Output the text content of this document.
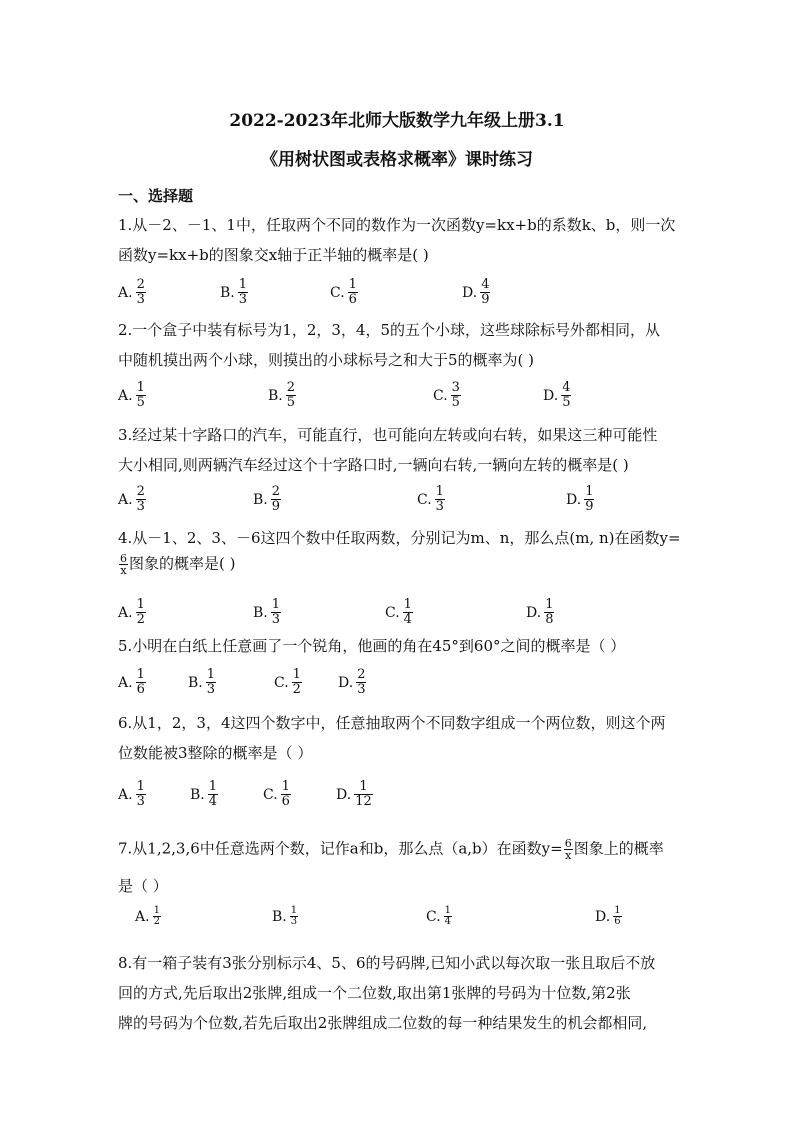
2022-2023年北师大版数学九年级上册3.1
《用树状图或表格求概率》课时练习
一、选择题
1.从－2、－1、1中，任取两个不同的数作为一次函数y=kx+b的系数k、b，则一次
函数y=kx+b的图象交x轴于正半轴的概率是( )
A. $\frac{2}{3}$	B. $\frac{1}{3}$	C. $\frac{1}{6}$	D. $\frac{4}{9}$
2.一个盒子中装有标号为1，2，3，4，5的五个小球，这些球除标号外都相同，从
中随机摸出两个小球，则摸出的小球标号之和大于5的概率为( )
A. $\frac{1}{5}$	B. $\frac{2}{5}$	C. $\frac{3}{5}$	D. $\frac{4}{5}$
3.经过某十字路口的汽车，可能直行，也可能向左转或向右转，如果这三种可能性
大小相同,则两辆汽车经过这个十字路口时,一辆向右转,一辆向左转的概率是( )
A. $\frac{2}{3}$	B. $\frac{2}{9}$	C. $\frac{1}{3}$	D. $\frac{1}{9}$
4.从－1、2、3、－6这四个数中任取两数，分别记为m、n，那么点(m, n)在函数y=
$\frac{6}{x}$ 图象的概率是( )
A. $\frac{1}{2}$	B. $\frac{1}{3}$	C. $\frac{1}{4}$	D. $\frac{1}{8}$
5.小明在白纸上任意画了一个锐角，他画的角在45°到60°之间的概率是（ ）
A. $\frac{1}{6}$	B. $\frac{1}{3}$	C. $\frac{1}{2}$	D. $\frac{2}{3}$
6.从1，2，3，4这四个数字中，任意抽取两个不同数字组成一个两位数，则这个两
位数能被3整除的概率是（ ）
A. $\frac{1}{3}$	B. $\frac{1}{4}$	C. $\frac{1}{6}$	D. $\frac{1}{12}$
7.从1,2,3,6中任意选两个数，记作a和b，那么点（a,b）在函数$y= \frac{6}{x}$ 图象上的概率
是（ ）
A. $\frac{1}{2}$	B. $\frac{1}{3}$	C. $\frac{1}{4}$	D. $\frac{1}{6}$
8.有一箱子装有3张分别标示4、5、6的号码牌,已知小武以每次取一张且取后不放
回的方式,先后取出2张牌,组成一个二位数,取出第1张牌的号码为十位数,第2张
牌的号码为个位数,若先后取出2张牌组成二位数的每一种结果发生的机会都相同,
